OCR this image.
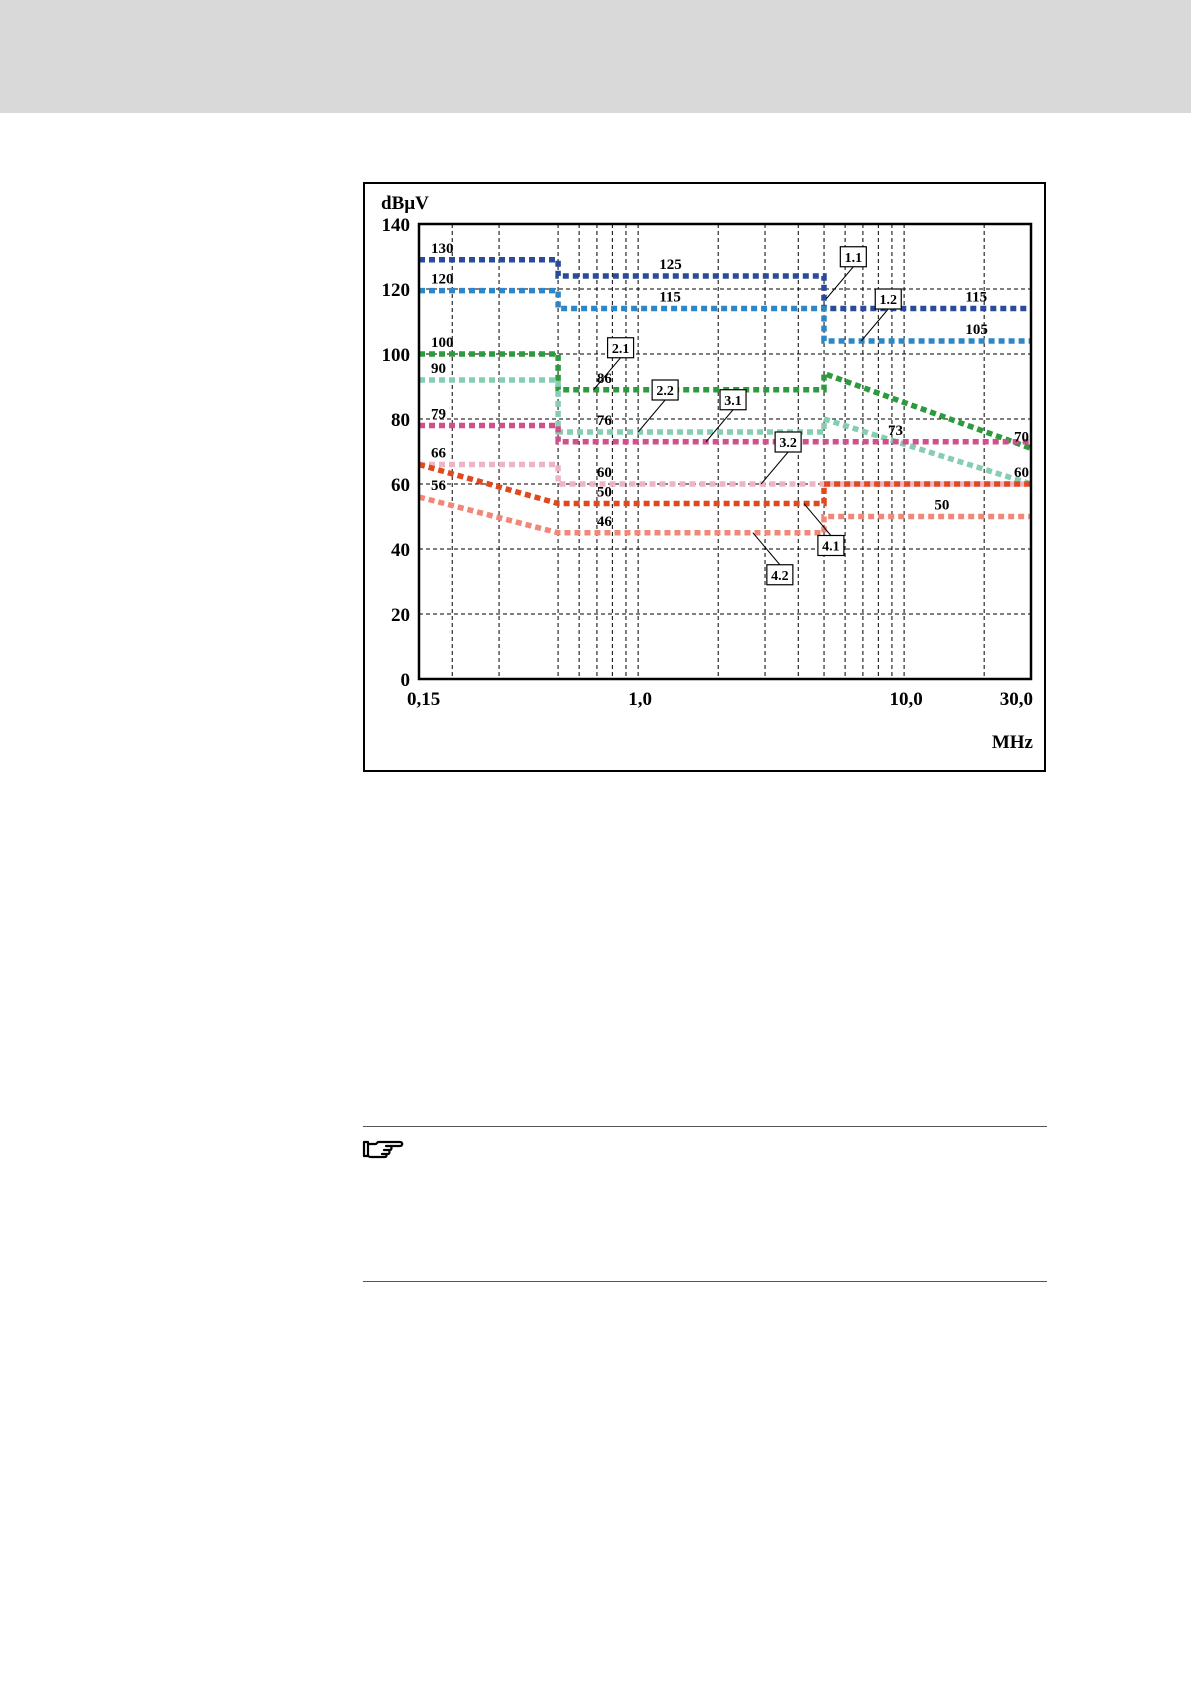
0
20
40
60
80
100
120
140
0,15	1,0	10,0	30,0
130
120
100
90
79
66
56
125
115
86
76
60
50
46
115
105
73	70
60
50
1.1
1.2
2.1
2.2
3.1
3.2
4.1
4.2
dBµV
MHz
